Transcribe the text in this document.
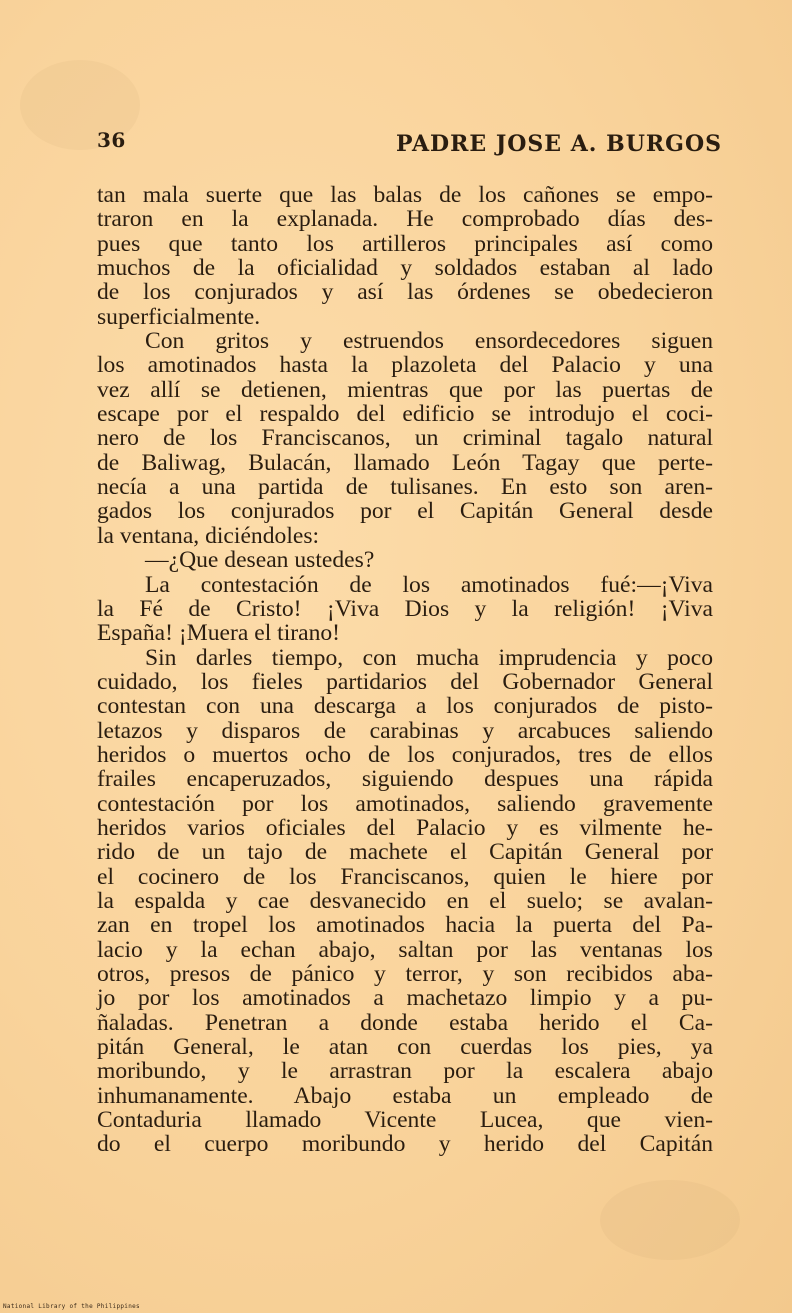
36	PADRE JOSE A. BURGOS
tan mala suerte que las balas de los cañones se empo-
traron en la explanada. He comprobado días des-
pues que tanto los artilleros principales así como
muchos de la oficialidad y soldados estaban al lado
de los conjurados y así las órdenes se obedecieron
superficialmente.
Con gritos y estruendos ensordecedores siguen
los amotinados hasta la plazoleta del Palacio y una
vez allí se detienen, mientras que por las puertas de
escape por el respaldo del edificio se introdujo el coci-
nero de los Franciscanos, un criminal tagalo natural
de Baliwag, Bulacán, llamado León Tagay que perte-
necía a una partida de tulisanes. En esto son aren-
gados los conjurados por el Capitán General desde
la ventana, diciéndoles:
—¿Que desean ustedes?
La contestación de los amotinados fué:—¡Viva
la Fé de Cristo! ¡Viva Dios y la religión! ¡Viva
España! ¡Muera el tirano!
Sin darles tiempo, con mucha imprudencia y poco
cuidado, los fieles partidarios del Gobernador General
contestan con una descarga a los conjurados de pisto-
letazos y disparos de carabinas y arcabuces saliendo
heridos o muertos ocho de los conjurados, tres de ellos
frailes encaperuzados, siguiendo despues una rápida
contestación por los amotinados, saliendo gravemente
heridos varios oficiales del Palacio y es vilmente he-
rido de un tajo de machete el Capitán General por
el cocinero de los Franciscanos, quien le hiere por
la espalda y cae desvanecido en el suelo; se avalan-
zan en tropel los amotinados hacia la puerta del Pa-
lacio y la echan abajo, saltan por las ventanas los
otros, presos de pánico y terror, y son recibidos aba-
jo por los amotinados a machetazo limpio y a pu-
ñaladas. Penetran a donde estaba herido el Ca-
pitán General, le atan con cuerdas los pies, ya
moribundo, y le arrastran por la escalera abajo
inhumanamente. Abajo estaba un empleado de
Contaduria llamado Vicente Lucea, que vien-
do el cuerpo moribundo y herido del Capitán
National Library of the Philippines
